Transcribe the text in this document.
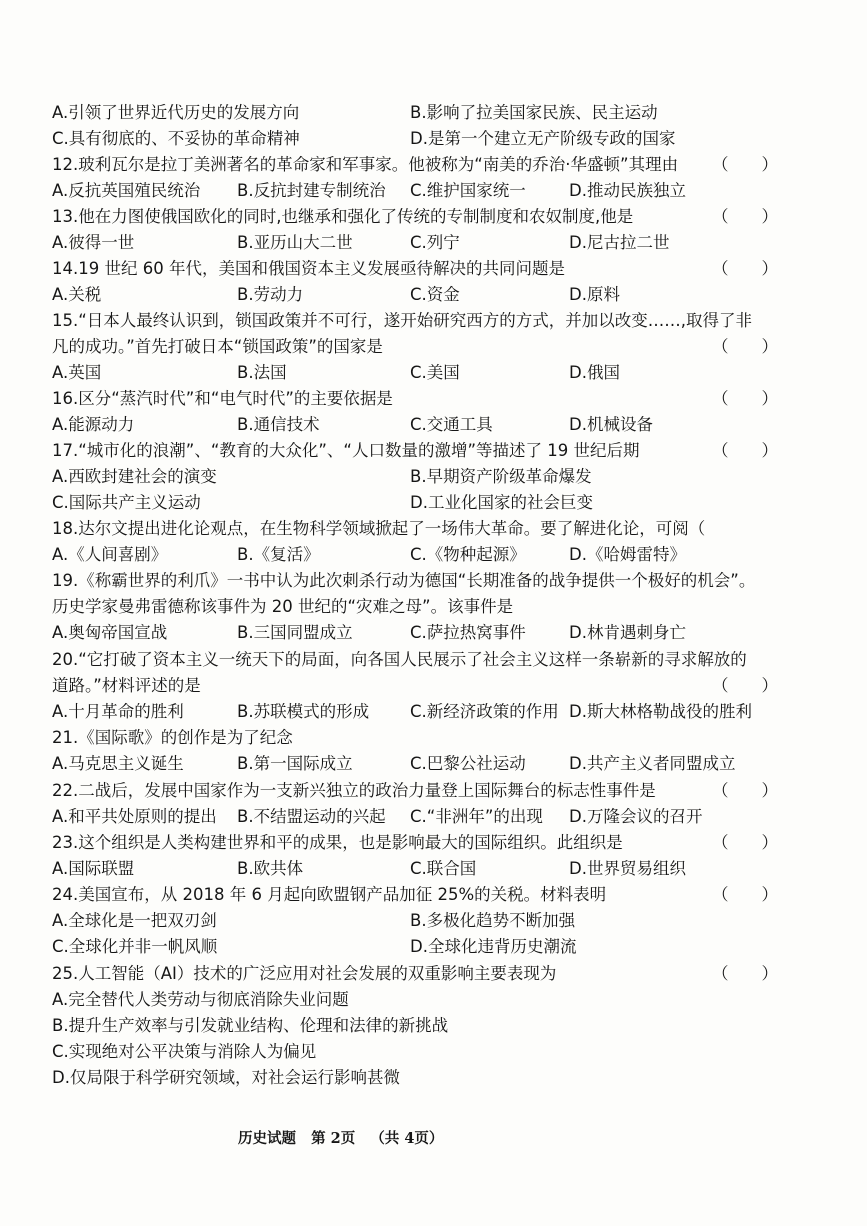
A.引领了世界近代历史的发展方向	B.影响了拉美国家民族、民主运动
C.具有彻底的、不妥协的革命精神	D.是第一个建立无产阶级专政的国家
12.玻利瓦尔是拉丁美洲著名的革命家和军事家。他被称为“南美的乔治·华盛顿”其理由 （　　）
A.反抗英国殖民统治 B.反抗封建专制统治 C.维护国家统一	D.推动民族独立
13.他在力图使俄国欧化的同时,也继承和强化了传统的专制制度和农奴制度,他是	（　　）
A.彼得一世	B.亚历山大二世	C.列宁	D.尼古拉二世
14.19 世纪 60 年代，美国和俄国资本主义发展亟待解决的共同问题是	（　　）
A.关税	B.劳动力	C.资金	D.原料
15.“日本人最终认识到，锁国政策并不可行，遂开始研究西方的方式，并加以改变……,取得了非
凡的成功。”首先打破日本“锁国政策”的国家是	（　　）
A.英国	B.法国	C.美国	D.俄国
16.区分“蒸汽时代”和“电气时代”的主要依据是	（　　）
A.能源动力	B.通信技术	C.交通工具	D.机械设备
17.“城市化的浪潮”、“教育的大众化”、“人口数量的激增”等描述了 19 世纪后期	（　　）
A.西欧封建社会的演变	B.早期资产阶级革命爆发
C.国际共产主义运动	D.工业化国家的社会巨变
18.达尔文提出进化论观点，在生物科学领域掀起了一场伟大革命。要了解进化论，可阅（
A.《人间喜剧》	B.《复活》	C.《物种起源》	D.《哈姆雷特》
19.《称霸世界的利爪》一书中认为此次刺杀行动为德国“长期准备的战争提供一个极好的机会”。
历史学家曼弗雷德称该事件为 20 世纪的“灾难之母”。该事件是
A.奥匈帝国宣战	B.三国同盟成立	C.萨拉热窝事件	D.林肯遇刺身亡
20.“它打破了资本主义一统天下的局面，向各国人民展示了社会主义这样一条崭新的寻求解放的
道路。”材料评述的是	（　　）
A.十月革命的胜利	B.苏联模式的形成 C.新经济政策的作用 D.斯大林格勒战役的胜利
21.《国际歌》的创作是为了纪念
A.马克思主义诞生	B.第一国际成立	C.巴黎公社运动	D.共产主义者同盟成立
22.二战后，发展中国家作为一支新兴独立的政治力量登上国际舞台的标志性事件是	（　　）
A.和平共处原则的提出 B.不结盟运动的兴起 C.“非洲年”的出现 D.万隆会议的召开
23.这个组织是人类构建世界和平的成果，也是影响最大的国际组织。此组织是	（　　）
A.国际联盟	B.欧共体	C.联合国	D.世界贸易组织
24.美国宣布，从 2018 年 6 月起向欧盟钢产品加征 25%的关税。材料表明	（　　）
A.全球化是一把双刃剑	B.多极化趋势不断加强
C.全球化并非一帆风顺	D.全球化违背历史潮流
25.人工智能（AI）技术的广泛应用对社会发展的双重影响主要表现为	（　　）
A.完全替代人类劳动与彻底消除失业问题
B.提升生产效率与引发就业结构、伦理和法律的新挑战
C.实现绝对公平决策与消除人为偏见
D.仅局限于科学研究领域，对社会运行影响甚微
历史试题 第 2页 （共 4页）
